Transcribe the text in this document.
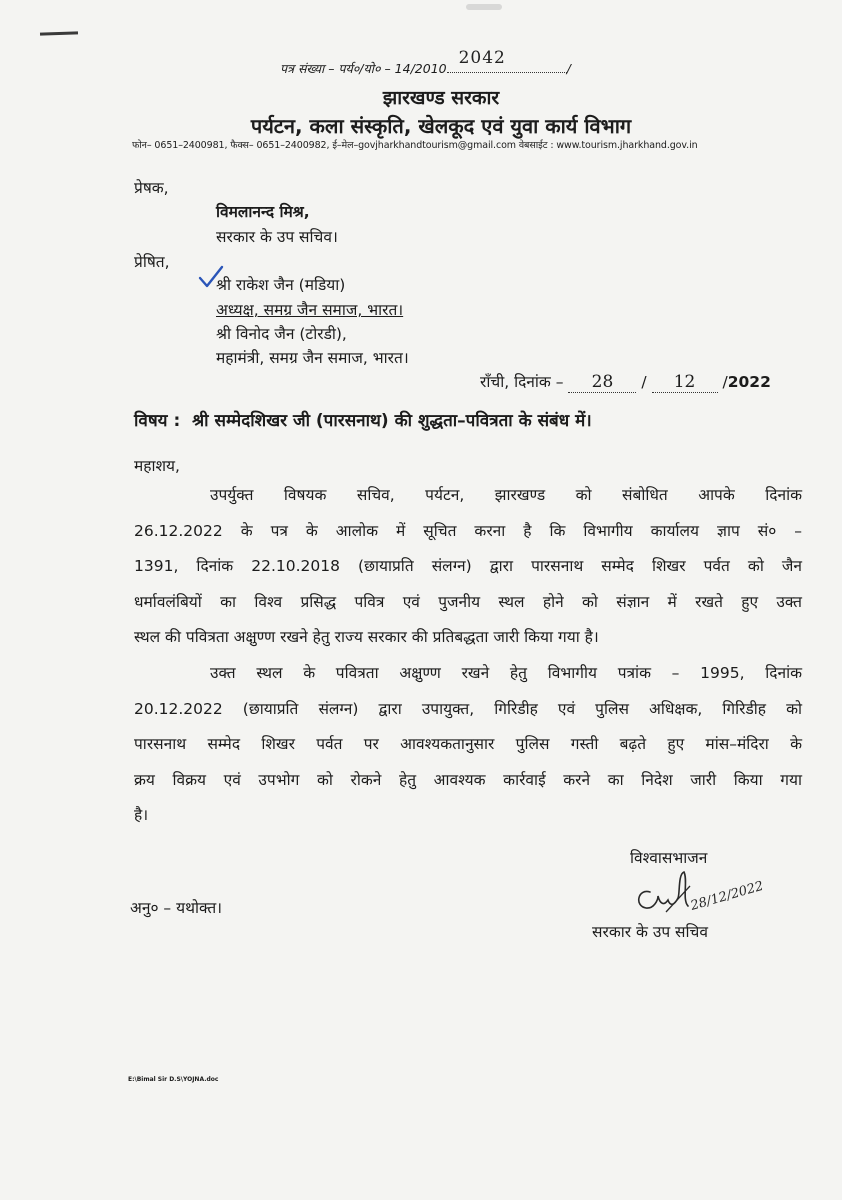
पत्र संख्या – पर्य०/यो० – 14/2010
2042
/
झारखण्ड सरकार
पर्यटन, कला संस्कृति, खेलकूद एवं युवा कार्य विभाग
फोन– 0651–2400981, फैक्स– 0651–2400982, ई–मेल–govjharkhandtourism@gmail.com वेबसाईट : www.tourism.jharkhand.gov.in
प्रेषक,
विमलानन्द मिश्र,
सरकार के उप सचिव।
प्रेषित,
श्री राकेश जैन (मडिया)
अध्यक्ष, समग्र जैन समाज, भारत।
श्री विनोद जैन (टोरडी),
महामंत्री, समग्र जैन समाज, भारत।
राँची, दिनांक – 28 / 12 /2022
विषय : श्री सम्मेदशिखर जी (पारसनाथ) की शुद्धता–पवित्रता के संबंध में।
महाशय,
उपर्युक्त विषयक सचिव, पर्यटन, झारखण्ड को संबोधित आपके दिनांक
26.12.2022 के पत्र के आलोक में सूचित करना है कि विभागीय कार्यालय ज्ञाप सं० –
1391, दिनांक 22.10.2018 (छायाप्रति संलग्न) द्वारा पारसनाथ सम्मेद शिखर पर्वत को जैन
धर्मावलंबियों का विश्व प्रसिद्ध पवित्र एवं पुजनीय स्थल होने को संज्ञान में रखते हुए उक्त
स्थल की पवित्रता अक्षुण्ण रखने हेतु राज्य सरकार की प्रतिबद्धता जारी किया गया है।
उक्त स्थल के पवित्रता अक्षुण्ण रखने हेतु विभागीय पत्रांक – 1995, दिनांक
20.12.2022 (छायाप्रति संलग्न) द्वारा उपायुक्त, गिरिडीह एवं पुलिस अधिक्षक, गिरिडीह को
पारसनाथ सम्मेद शिखर पर्वत पर आवश्यकतानुसार पुलिस गस्ती बढ़ते हुए मांस–मंदिरा के
क्रय विक्रय एवं उपभोग को रोकने हेतु आवश्यक कार्रवाई करने का निदेश जारी किया गया
है।
विश्वासभाजन
28/12/2022
अनु० – यथोक्त।
सरकार के उप सचिव
E:\Bimal Sir D.S\YOJNA.doc
